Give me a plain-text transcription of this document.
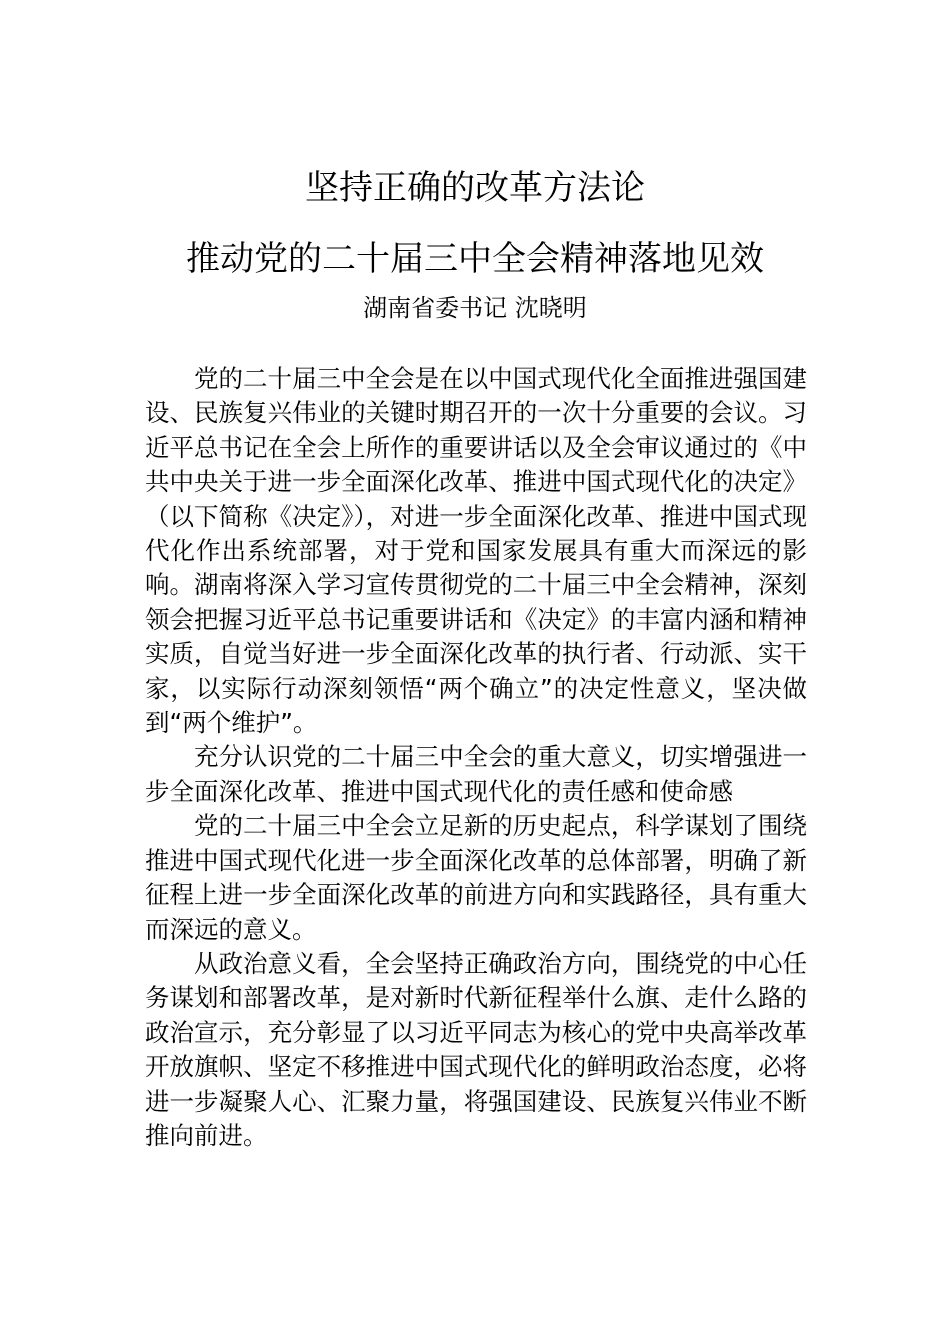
坚持正确的改革方法论
推动党的二十届三中全会精神落地见效
湖南省委书记 沈晓明

党的二十届三中全会是在以中国式现代化全面推进强国建设、民族复兴伟业的关键时期召开的一次十分重要的会议。习近平总书记在全会上所作的重要讲话以及全会审议通过的《中共中央关于进一步全面深化改革、推进中国式现代化的决定》（以下简称《决定》），对进一步全面深化改革、推进中国式现代化作出系统部署，对于党和国家发展具有重大而深远的影响。湖南将深入学习宣传贯彻党的二十届三中全会精神，深刻领会把握习近平总书记重要讲话和《决定》的丰富内涵和精神实质，自觉当好进一步全面深化改革的执行者、行动派、实干家，以实际行动深刻领悟“两个确立”的决定性意义，坚决做到“两个维护”。

充分认识党的二十届三中全会的重大意义，切实增强进一步全面深化改革、推进中国式现代化的责任感和使命感

党的二十届三中全会立足新的历史起点，科学谋划了围绕推进中国式现代化进一步全面深化改革的总体部署，明确了新征程上进一步全面深化改革的前进方向和实践路径，具有重大而深远的意义。

从政治意义看，全会坚持正确政治方向，围绕党的中心任务谋划和部署改革，是对新时代新征程举什么旗、走什么路的政治宣示，充分彰显了以习近平同志为核心的党中央高举改革开放旗帜、坚定不移推进中国式现代化的鲜明政治态度，必将进一步凝聚人心、汇聚力量，将强国建设、民族复兴伟业不断推向前进。
